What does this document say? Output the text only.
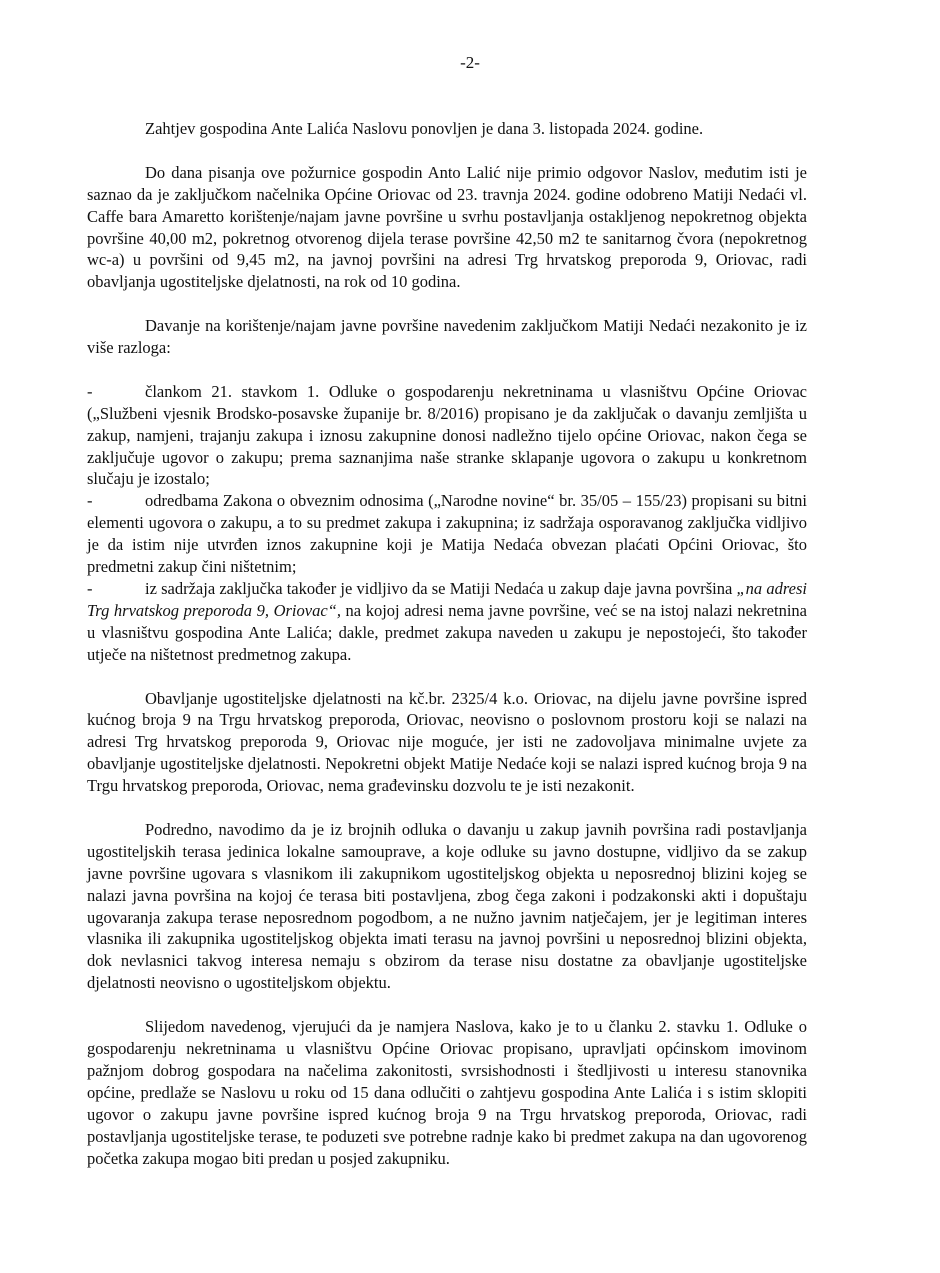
-2-

Zahtjev gospodina Ante Lalića Naslovu ponovljen je dana 3. listopada 2024. godine.

Do dana pisanja ove požurnice gospodin Anto Lalić nije primio odgovor Naslov, međutim isti je saznao da je zaključkom načelnika Općine Oriovac od 23. travnja 2024. godine odobreno Matiji Nedaći vl. Caffe bara Amaretto korištenje/najam javne površine u svrhu postavljanja ostakljenog nepokretnog objekta površine 40,00 m2, pokretnog otvorenog dijela terase površine 42,50 m2 te sanitarnog čvora (nepokretnog wc-a) u površini od 9,45 m2, na javnoj površini na adresi Trg hrvatskog preporoda 9, Oriovac, radi obavljanja ugostiteljske djelatnosti, na rok od 10 godina.

Davanje na korištenje/najam javne površine navedenim zaključkom Matiji Nedaći nezakonito je iz više razloga:

-	člankom 21. stavkom 1. Odluke o gospodarenju nekretninama u vlasništvu Općine Oriovac („Službeni vjesnik Brodsko-posavske županije br. 8/2016) propisano je da zaključak o davanju zemljišta u zakup, namjeni, trajanju zakupa i iznosu zakupnine donosi nadležno tijelo općine Oriovac, nakon čega se zaključuje ugovor o zakupu; prema saznanjima naše stranke sklapanje ugovora o zakupu u konkretnom slučaju je izostalo;
-	odredbama Zakona o obveznim odnosima („Narodne novine“ br. 35/05 – 155/23) propisani su bitni elementi ugovora o zakupu, a to su predmet zakupa i zakupnina; iz sadržaja osporavanog zaključka vidljivo je da istim nije utvrđen iznos zakupnine koji je Matija Nedaća obvezan plaćati Općini Oriovac, što predmetni zakup čini ništetnim;
-	iz sadržaja zaključka također je vidljivo da se Matiji Nedaća u zakup daje javna površina „na adresi Trg hrvatskog preporoda 9, Oriovac“, na kojoj adresi nema javne površine, već se na istoj nalazi nekretnina u vlasništvu gospodina Ante Lalića; dakle, predmet zakupa naveden u zakupu je nepostojeći, što također utječe na ništetnost predmetnog zakupa.

Obavljanje ugostiteljske djelatnosti na kč.br. 2325/4 k.o. Oriovac, na dijelu javne površine ispred kućnog broja 9 na Trgu hrvatskog preporoda, Oriovac, neovisno o poslovnom prostoru koji se nalazi na adresi Trg hrvatskog preporoda 9, Oriovac nije moguće, jer isti ne zadovoljava minimalne uvjete za obavljanje ugostiteljske djelatnosti. Nepokretni objekt Matije Nedaće koji se nalazi ispred kućnog broja 9 na Trgu hrvatskog preporoda, Oriovac, nema građevinsku dozvolu te je isti nezakonit.

Podredno, navodimo da je iz brojnih odluka o davanju u zakup javnih površina radi postavljanja ugostiteljskih terasa jedinica lokalne samouprave, a koje odluke su javno dostupne, vidljivo da se zakup javne površine ugovara s vlasnikom ili zakupnikom ugostiteljskog objekta u neposrednoj blizini kojeg se nalazi javna površina na kojoj će terasa biti postavljena, zbog čega zakoni i podzakonski akti i dopuštaju ugovaranja zakupa terase neposrednom pogodbom, a ne nužno javnim natječajem, jer je legitiman interes vlasnika ili zakupnika ugostiteljskog objekta imati terasu na javnoj površini u neposrednoj blizini objekta, dok nevlasnici takvog interesa nemaju s obzirom da terase nisu dostatne za obavljanje ugostiteljske djelatnosti neovisno o ugostiteljskom objektu.

Slijedom navedenog, vjerujući da je namjera Naslova, kako je to u članku 2. stavku 1. Odluke o gospodarenju nekretninama u vlasništvu Općine Oriovac propisano, upravljati općinskom imovinom pažnjom dobrog gospodara na načelima zakonitosti, svrsishodnosti i štedljivosti u interesu stanovnika općine, predlaže se Naslovu u roku od 15 dana odlučiti o zahtjevu gospodina Ante Lalića i s istim sklopiti ugovor o zakupu javne površine ispred kućnog broja 9 na Trgu hrvatskog preporoda, Oriovac, radi postavljanja ugostiteljske terase, te poduzeti sve potrebne radnje kako bi predmet zakupa na dan ugovorenog početka zakupa mogao biti predan u posjed zakupniku.
